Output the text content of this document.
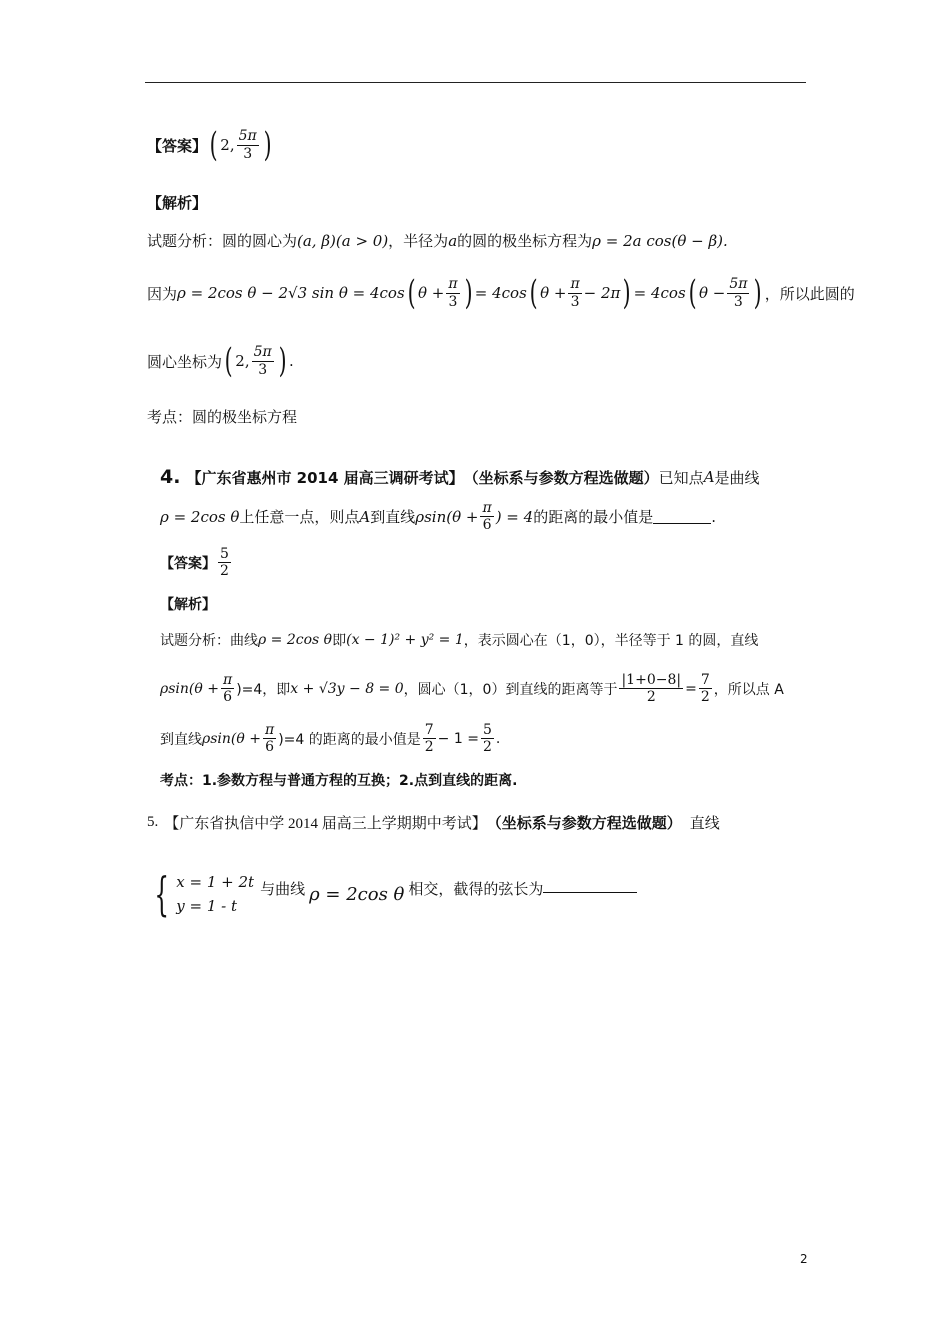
【答案】 ( 2, $\frac{5\pi}{3}$ )
【解析】
试题分析：圆的圆心为 (a, β) (a > 0) ，半径为 a 的圆的极坐标方程为 ρ = 2a cos(θ − β).
因为 ρ = 2cos θ − 2√3 sin θ = 4cos ( $\theta + \frac{\pi}{3}$ ) = 4cos ( $\theta + \frac{\pi}{3} - 2\pi$ ) = 4cos ( $\theta - \frac{5\pi}{3}$ ) ，所以此圆的
圆心坐标为 ( 2, $\frac{5\pi}{3}$ ) .
考点：圆的极坐标方程
4. 【广东省惠州市 2014 届高三调研考试】 （坐标系与参数方程选做题） 已知点 A 是曲线
ρ = 2cos θ 上任意一点，则点 A 到直线 $\rho\sin(\theta + \frac{\pi}{6}$ ) = 4 的距离的最小值是	.
【答案】 $\frac{5}{2}$
【解析】
试题分析：曲线 ρ = 2cos θ 即 (x − 1)² + y² = 1 ，表示圆心在（1，0），半径等于 1 的圆，直线
$\rho\sin(\theta + \frac{\pi}{6} )=4$，即 x + √3y − 8 = 0 ，圆心（1，0）到直线的距离等于 $\frac{|1+0-8|}{2} = \frac{7}{2}$ ，所以点 A
到直线 $\rho\sin(\theta + \frac{\pi}{6} )=4$ 的距离的最小值是 $\frac{7}{2} - 1 = \frac{5}{2}$ .
考点：1.参数方程与普通方程的互换；2.点到直线的距离.
5. 【广东省执信中学 2014 届高三上学期期中考试】 （坐标系与参数方程选做题） 直线
{ x = 1 + 2t
y = 1 - t
与曲线 ρ = 2cos θ 相交，截得的弦长为
2
